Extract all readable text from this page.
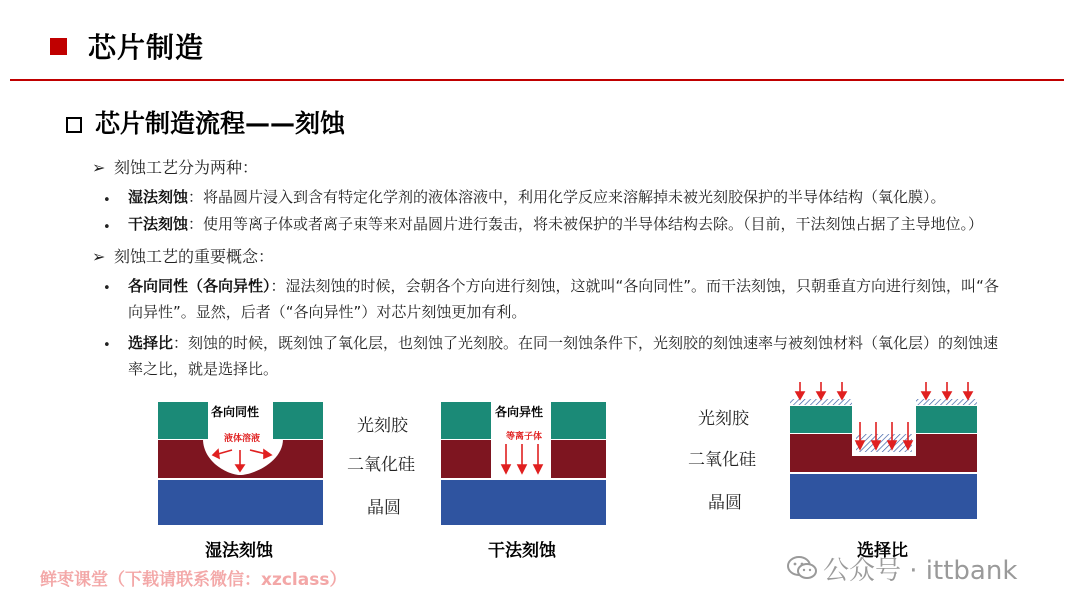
芯片制造
芯片制造流程——刻蚀
➢ 刻蚀工艺分为两种：
• 湿法刻蚀：将晶圆片浸入到含有特定化学剂的液体溶液中，利用化学反应来溶解掉未被光刻胶保护的半导体结构（氧化膜）。
• 干法刻蚀：使用等离子体或者离子束等来对晶圆片进行轰击，将未被保护的半导体结构去除。（目前，干法刻蚀占据了主导地位。）
➢ 刻蚀工艺的重要概念：
• 各向同性（各向异性）：湿法刻蚀的时候，会朝各个方向进行刻蚀，这就叫“各向同性”。而干法刻蚀，只朝垂直方向进行刻蚀，叫“各
向异性”。显然，后者（“各向异性”）对芯片刻蚀更加有利。
• 选择比：刻蚀的时候，既刻蚀了氧化层，也刻蚀了光刻胶。在同一刻蚀条件下，光刻胶的刻蚀速率与被刻蚀材料（氧化层）的刻蚀速
率之比，就是选择比。
各向同性
液体溶液
湿法刻蚀
光刻胶
二氧化硅
晶圆
各向异性
等离子体
干法刻蚀
光刻胶
二氧化硅
晶圆
选择比
鲜枣课堂（下载请联系微信：xzclass）	公众号 · ittbank
